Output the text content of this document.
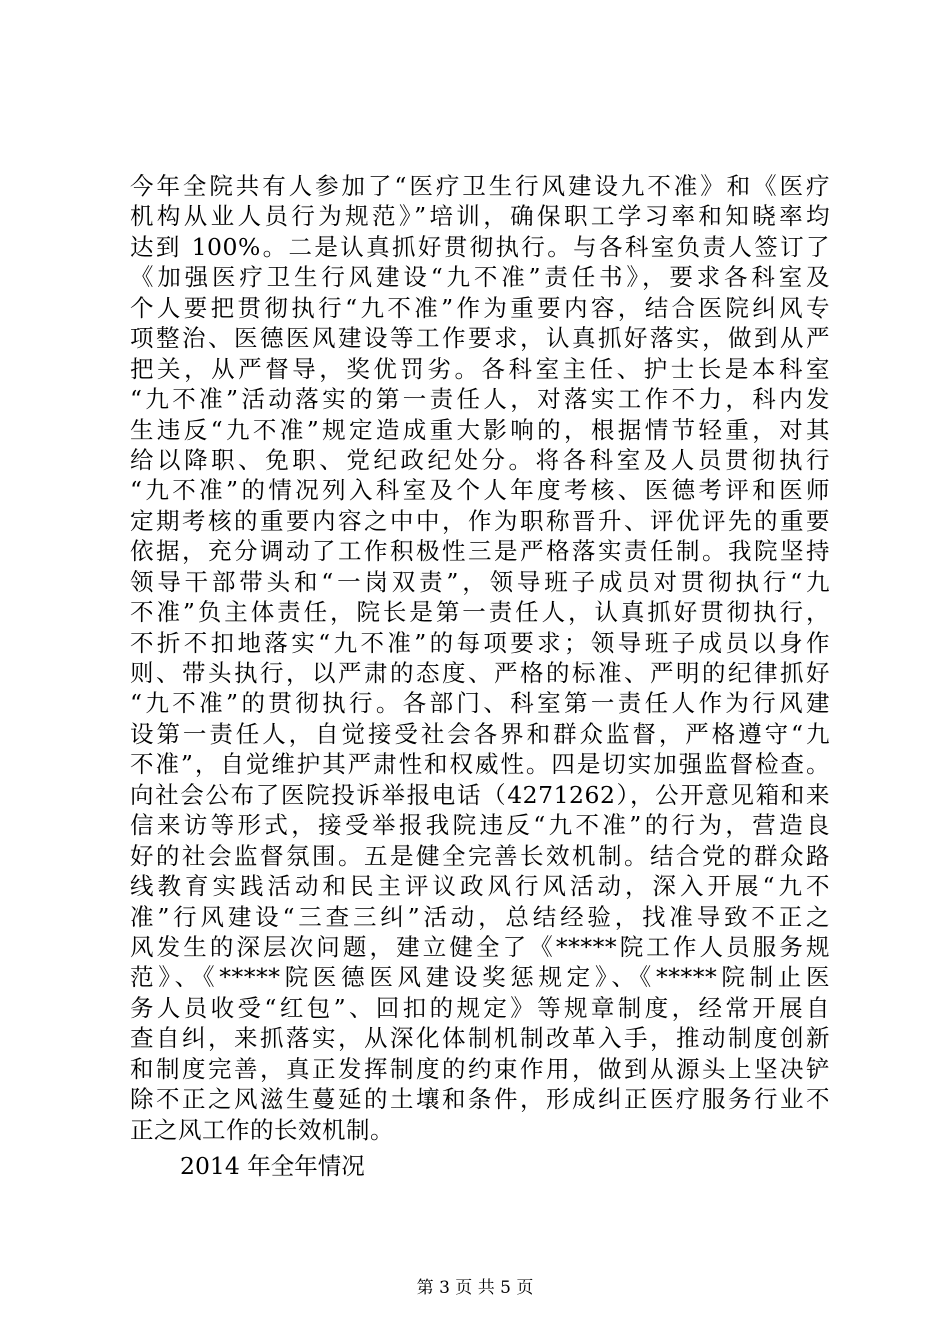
今年全院共有人参加了“医疗卫生行风建设九不准》和《医疗
机构从业人员行为规范》”培训，确保职工学习率和知晓率均
达到 100%。二是认真抓好贯彻执行。与各科室负责人签订了
《加强医疗卫生行风建设“九不准”责任书》，要求各科室及
个人要把贯彻执行“九不准”作为重要内容，结合医院纠风专
项整治、医德医风建设等工作要求，认真抓好落实，做到从严
把关，从严督导，奖优罚劣。各科室主任、护士长是本科室
“九不准”活动落实的第一责任人，对落实工作不力，科内发
生违反“九不准”规定造成重大影响的，根据情节轻重，对其
给以降职、免职、党纪政纪处分。将各科室及人员贯彻执行
“九不准”的情况列入科室及个人年度考核、医德考评和医师
定期考核的重要内容之中中，作为职称晋升、评优评先的重要
依据，充分调动了工作积极性三是严格落实责任制。我院坚持
领导干部带头和“一岗双责”，领导班子成员对贯彻执行“九
不准”负主体责任，院长是第一责任人，认真抓好贯彻执行，
不折不扣地落实“九不准”的每项要求；领导班子成员以身作
则、带头执行，以严肃的态度、严格的标准、严明的纪律抓好
“九不准”的贯彻执行。各部门、科室第一责任人作为行风建
设第一责任人，自觉接受社会各界和群众监督，严格遵守“九
不准”，自觉维护其严肃性和权威性。四是切实加强监督检查。
向社会公布了医院投诉举报电话（4271262），公开意见箱和来
信来访等形式，接受举报我院违反“九不准”的行为，营造良
好的社会监督氛围。五是健全完善长效机制。结合党的群众路
线教育实践活动和民主评议政风行风活动，深入开展“九不
准”行风建设“三查三纠”活动，总结经验，找准导致不正之
风发生的深层次问题，建立健全了《*****院工作人员服务规
范》、《*****院医德医风建设奖惩规定》、《*****院制止医
务人员收受“红包”、回扣的规定》等规章制度，经常开展自
查自纠，来抓落实，从深化体制机制改革入手，推动制度创新
和制度完善，真正发挥制度的约束作用，做到从源头上坚决铲
除不正之风滋生蔓延的土壤和条件，形成纠正医疗服务行业不
正之风工作的长效机制。
2014 年全年情况
第 3 页 共 5 页
